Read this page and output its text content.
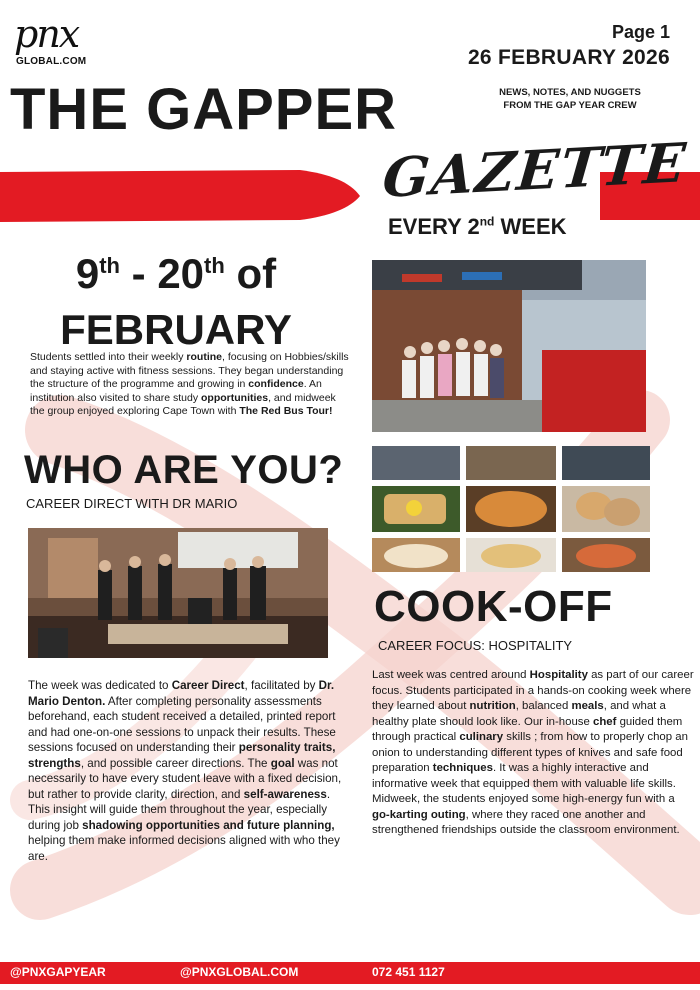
pnx
GLOBAL.COM
Page 1
26 FEBRUARY 2026
NEWS, NOTES, AND NUGGETS
FROM THE GAP YEAR CREW
THE GAPPER
GAZETTE
EVERY 2nd WEEK
9th - 20th of
FEBRUARY
Students settled into their weekly routine, focusing on Hobbies/skills and staying active with fitness sessions. They began understanding the structure of the programme and growing in confidence. An institution also visited to share study opportunities, and midweek the group enjoyed exploring Cape Town with The Red Bus Tour!
WHO ARE YOU?
CAREER DIRECT WITH DR MARIO
The week was dedicated to Career Direct, facilitated by Dr. Mario Denton. After completing personality assessments beforehand, each student received a detailed, printed report and had one-on-one sessions to unpack their results. These sessions focused on understanding their personality traits, strengths, and possible career directions. The goal was not necessarily to have every student leave with a fixed decision, but rather to provide clarity, direction, and self-awareness. This insight will guide them throughout the year, especially during job shadowing opportunities and future planning, helping them make informed decisions aligned with who they are.
COOK-OFF
CAREER FOCUS: HOSPITALITY
Last week was centred around Hospitality as part of our career focus. Students participated in a hands-on cooking week where they learned about nutrition, balanced meals, and what a healthy plate should look like. Our in-house chef guided them through practical culinary skills ; from how to properly chop an onion to understanding different types of knives and safe food preparation techniques. It was a highly interactive and informative week that equipped them with valuable life skills. Midweek, the students enjoyed some high-energy fun with a go-karting outing, where they raced one another and strengthened friendships outside the classroom environment.
@PNXGAPYEAR	@PNXGLOBAL.COM	072 451 1127
